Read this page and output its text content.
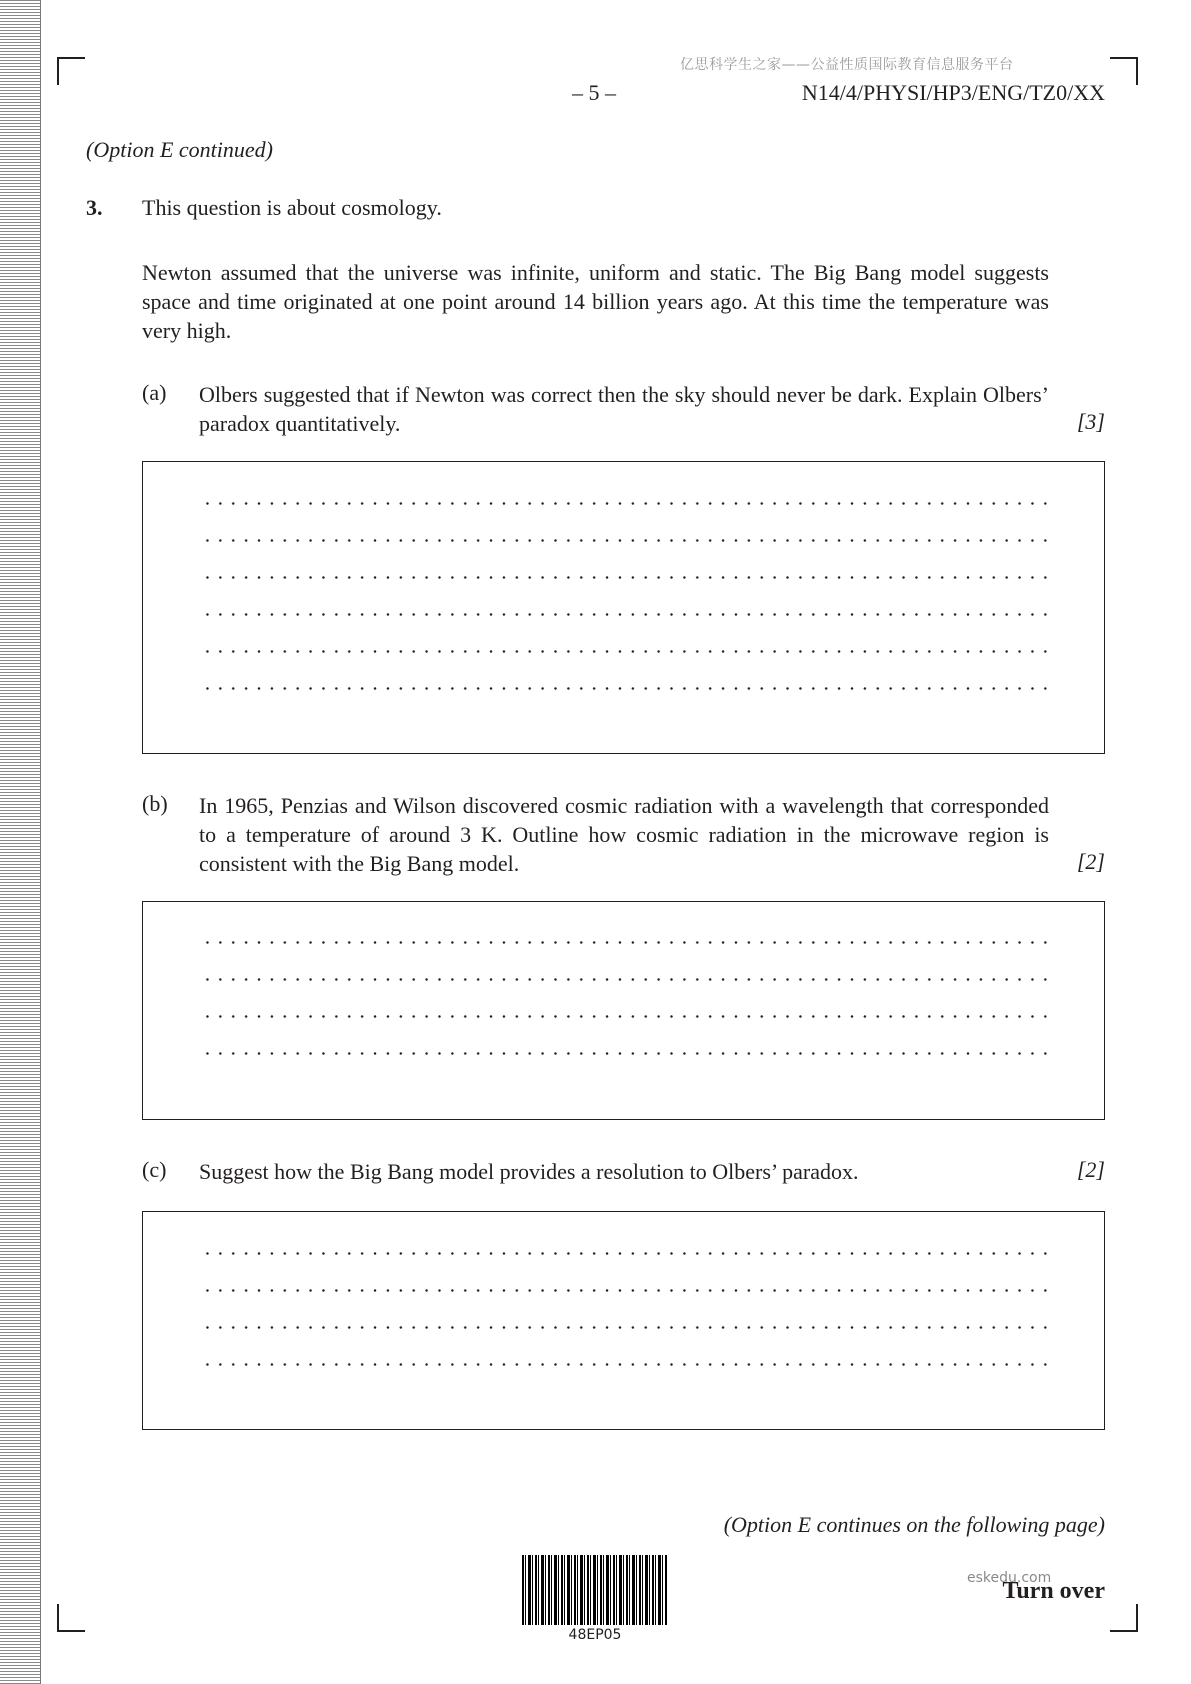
亿思科学生之家——公益性质国际教育信息服务平台
– 5 –	N14/4/PHYSI/HP3/ENG/TZ0/XX
(Option E continued)
3. This question is about cosmology.
Newton assumed that the universe was infinite, uniform and static. The Big Bang model suggests space and time originated at one point around 14 billion years ago. At this time the temperature was very high.
(a) Olbers suggested that if Newton was correct then the sky should never be dark. Explain Olbers’ paradox quantitatively.	[3]
(b) In 1965, Penzias and Wilson discovered cosmic radiation with a wavelength that corresponded to a temperature of around 3 K. Outline how cosmic radiation in the microwave region is consistent with the Big Bang model.	[2]
(c) Suggest how the Big Bang model provides a resolution to Olbers’ paradox.	[2]
(Option E continues on the following page)
48EP05
Turn over
eskedu.com
